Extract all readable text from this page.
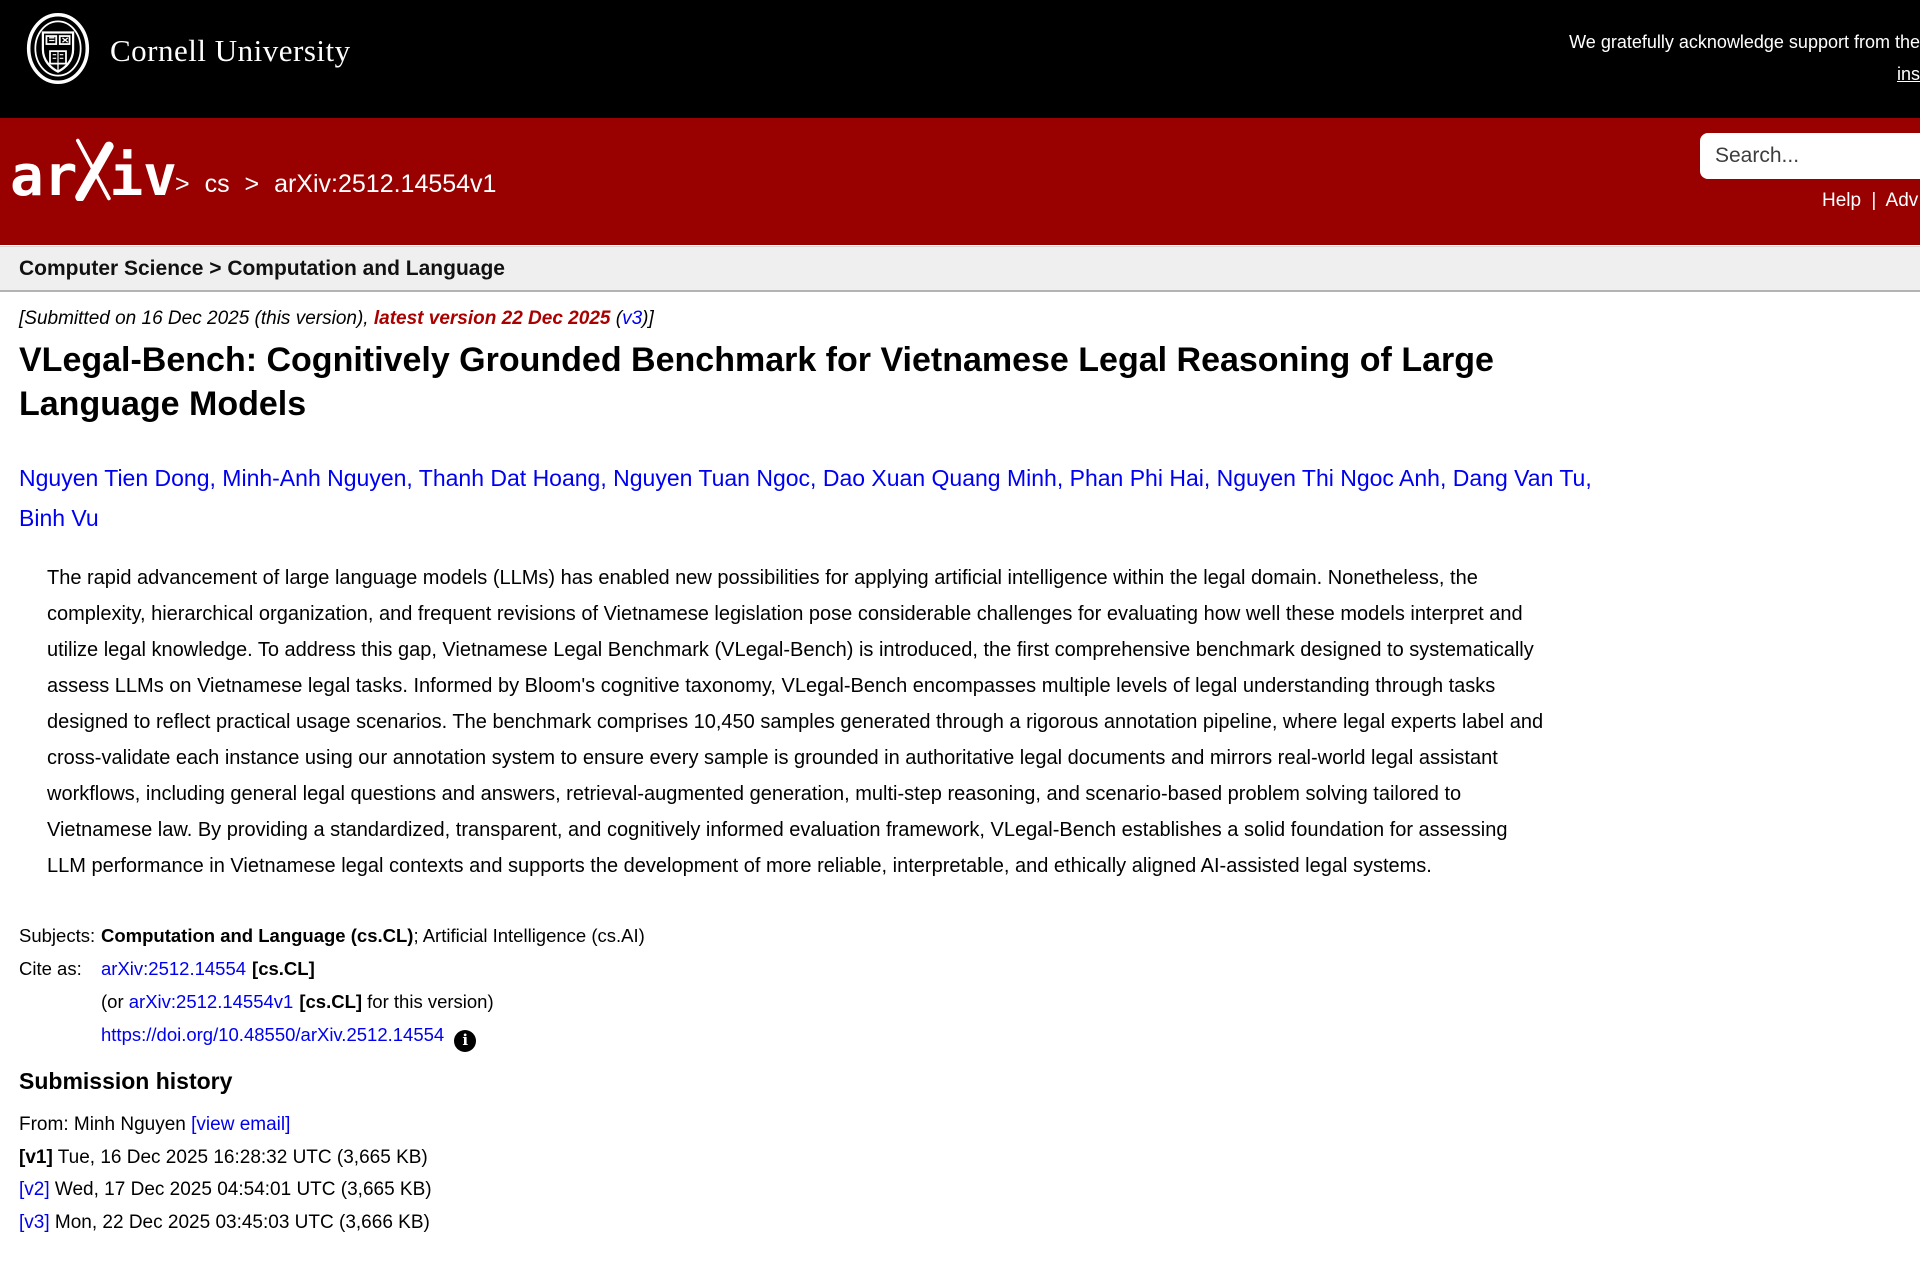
Cornell University	We gratefully acknowledge support from the
ins
ar iv
> cs > arXiv:2512.14554v1
Search...
Help | Adv
Computer Science > Computation and Language
[Submitted on 16 Dec 2025 (this version), latest version 22 Dec 2025 (v3)]
VLegal-Bench: Cognitively Grounded Benchmark for Vietnamese Legal Reasoning of Large Language Models
Nguyen Tien Dong, Minh-Anh Nguyen, Thanh Dat Hoang, Nguyen Tuan Ngoc, Dao Xuan Quang Minh, Phan Phi Hai, Nguyen Thi Ngoc Anh, Dang Van Tu, Binh Vu
The rapid advancement of large language models (LLMs) has enabled new possibilities for applying artificial intelligence within the legal domain. Nonetheless, the complexity, hierarchical organization, and frequent revisions of Vietnamese legislation pose considerable challenges for evaluating how well these models interpret and utilize legal knowledge. To address this gap, Vietnamese Legal Benchmark (VLegal-Bench) is introduced, the first comprehensive benchmark designed to systematically assess LLMs on Vietnamese legal tasks. Informed by Bloom's cognitive taxonomy, VLegal-Bench encompasses multiple levels of legal understanding through tasks designed to reflect practical usage scenarios. The benchmark comprises 10,450 samples generated through a rigorous annotation pipeline, where legal experts label and cross-validate each instance using our annotation system to ensure every sample is grounded in authoritative legal documents and mirrors real-world legal assistant workflows, including general legal questions and answers, retrieval-augmented generation, multi-step reasoning, and scenario-based problem solving tailored to Vietnamese law. By providing a standardized, transparent, and cognitively informed evaluation framework, VLegal-Bench establishes a solid foundation for assessing LLM performance in Vietnamese legal contexts and supports the development of more reliable, interpretable, and ethically aligned AI-assisted legal systems.
Subjects: Computation and Language (cs.CL); Artificial Intelligence (cs.AI)
Cite as:	arXiv:2512.14554 [cs.CL]
(or arXiv:2512.14554v1 [cs.CL] for this version)
https://doi.org/10.48550/arXiv.2512.14554 i
Submission history
From: Minh Nguyen [view email]
[v1] Tue, 16 Dec 2025 16:28:32 UTC (3,665 KB)
[v2] Wed, 17 Dec 2025 04:54:01 UTC (3,665 KB)
[v3] Mon, 22 Dec 2025 03:45:03 UTC (3,666 KB)
